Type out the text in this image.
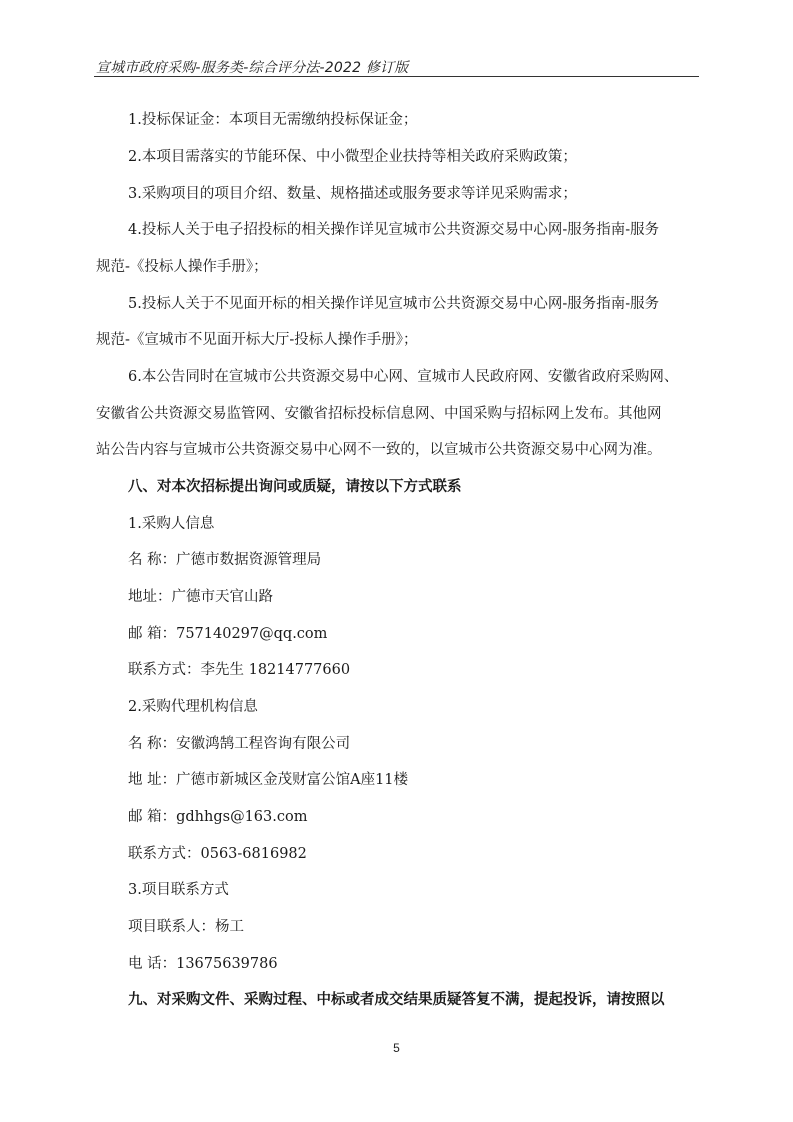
宣城市政府采购-服务类-综合评分法-2022 修订版
1.投标保证金：本项目无需缴纳投标保证金；
2.本项目需落实的节能环保、中小微型企业扶持等相关政府采购政策；
3.采购项目的项目介绍、数量、规格描述或服务要求等详见采购需求；
4.投标人关于电子招投标的相关操作详见宣城市公共资源交易中心网-服务指南-服务
规范-《投标人操作手册》；
5.投标人关于不见面开标的相关操作详见宣城市公共资源交易中心网-服务指南-服务
规范-《宣城市不见面开标大厅-投标人操作手册》；
6.本公告同时在宣城市公共资源交易中心网、宣城市人民政府网、安徽省政府采购网、
安徽省公共资源交易监管网、安徽省招标投标信息网、中国采购与招标网上发布。其他网
站公告内容与宣城市公共资源交易中心网不一致的，以宣城市公共资源交易中心网为准。
八、对本次招标提出询问或质疑，请按以下方式联系
1.采购人信息
名 称：广德市数据资源管理局
地址：广德市天官山路
邮 箱：757140297@qq.com
联系方式：李先生 18214777660
2.采购代理机构信息
名 称：安徽鸿鹄工程咨询有限公司
地 址：广德市新城区金茂财富公馆A座11楼
邮 箱：gdhhgs@163.com
联系方式：0563-6816982
3.项目联系方式
项目联系人：杨工
电 话：13675639786
九、对采购文件、采购过程、中标或者成交结果质疑答复不满，提起投诉，请按照以
5
